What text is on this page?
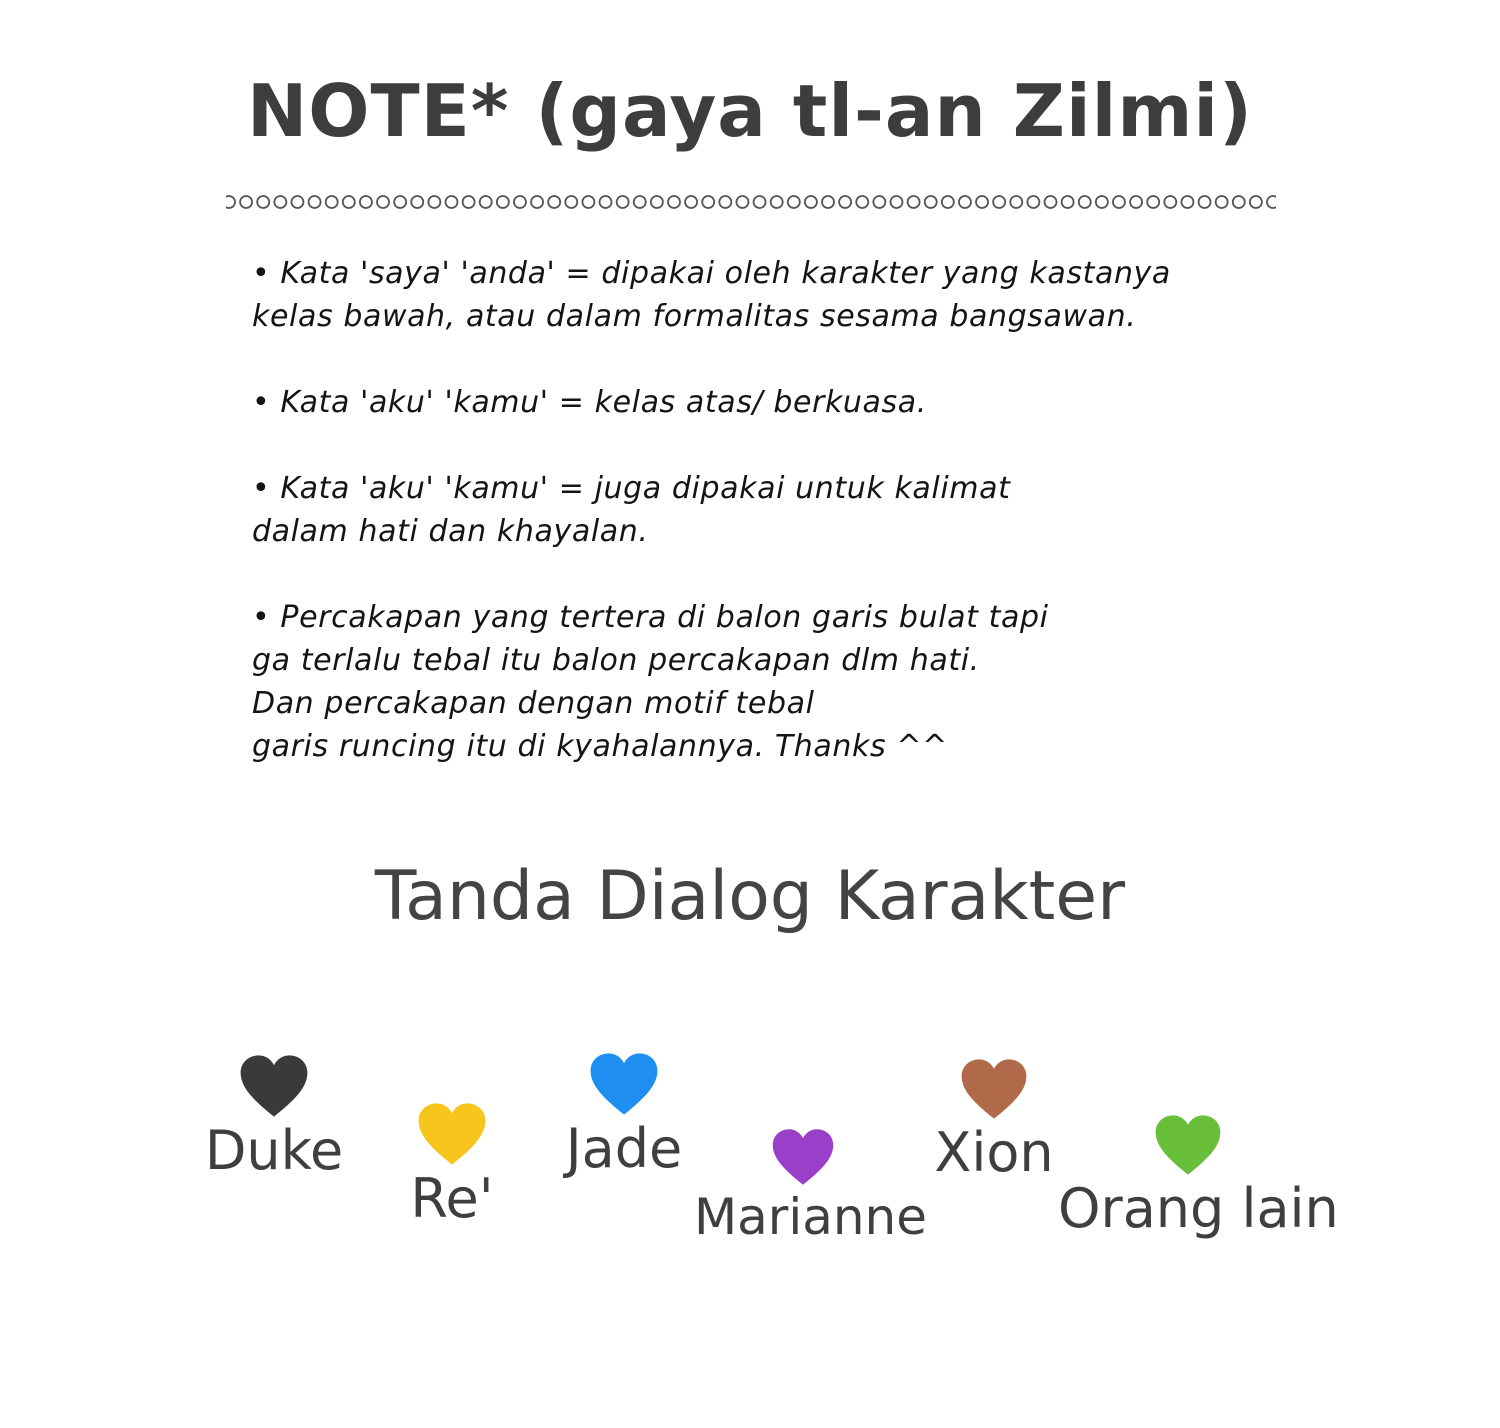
NOTE* (gaya tl-an Zilmi)
• Kata 'saya' 'anda' = dipakai oleh karakter yang kastanya
kelas bawah, atau dalam formalitas sesama bangsawan.
• Kata 'aku' 'kamu' = kelas atas/ berkuasa.
• Kata 'aku' 'kamu' = juga dipakai untuk kalimat
dalam hati dan khayalan.
• Percakapan yang tertera di balon garis bulat tapi
ga terlalu tebal itu balon percakapan dlm hati.
Dan percakapan dengan motif tebal
garis runcing itu di kyahalannya. Thanks ^^
Tanda Dialog Karakter
Duke
Re'
Jade
Marianne
Xion
Orang lain
